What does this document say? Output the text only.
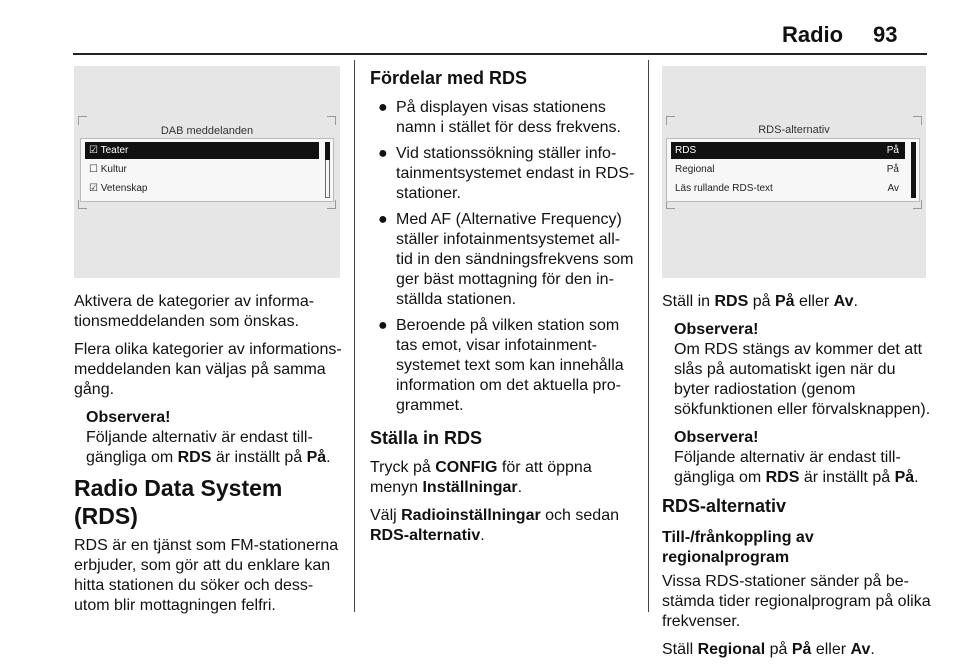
Radio 93
DAB meddelanden
☑ Teater
☐ Kultur
☑ Vetenskap

Aktivera de kategorier av informa-tionsmeddelanden som önskas.

Flera olika kategorier av informations-meddelanden kan väljas på samma gång.

Observera!
Följande alternativ är endast till-gängliga om RDS är inställt på På.
Radio Data System (RDS)

RDS är en tjänst som FM-stationerna erbjuder, som gör att du enklare kan hitta stationen du söker och dess-utom blir mottagningen felfri.

Fördelar med RDS
● På displayen visas stationens namn i stället för dess frekvens.
● Vid stationssökning ställer info-tainmentsystemet endast in RDS-stationer.
● Med AF (Alternative Frequency) ställer infotainmentsystemet all-tid in den sändningsfrekvens som ger bäst mottagning för den in-ställda stationen.
● Beroende på vilken station som tas emot, visar infotainment-systemet text som kan innehålla information om det aktuella pro-grammet.
Ställa in RDS

Tryck på CONFIG för att öppna menyn Inställningar.

Välj Radioinställningar och sedan RDS-alternativ.

RDS-alternativ
RDS	På
Regional	På
Läs rullande RDS-text	Av

Ställ in RDS på På eller Av.

Observera!
Om RDS stängs av kommer det att slås på automatiskt igen när du byter radiostation (genom sökfunktionen eller förvalsknappen).
Observera!
Följande alternativ är endast till-gängliga om RDS är inställt på På.
RDS-alternativ
Till-/frånkoppling av regionalprogram

Vissa RDS-stationer sänder på be-stämda tider regionalprogram på olika frekvenser.

Ställ Regional på På eller Av.
